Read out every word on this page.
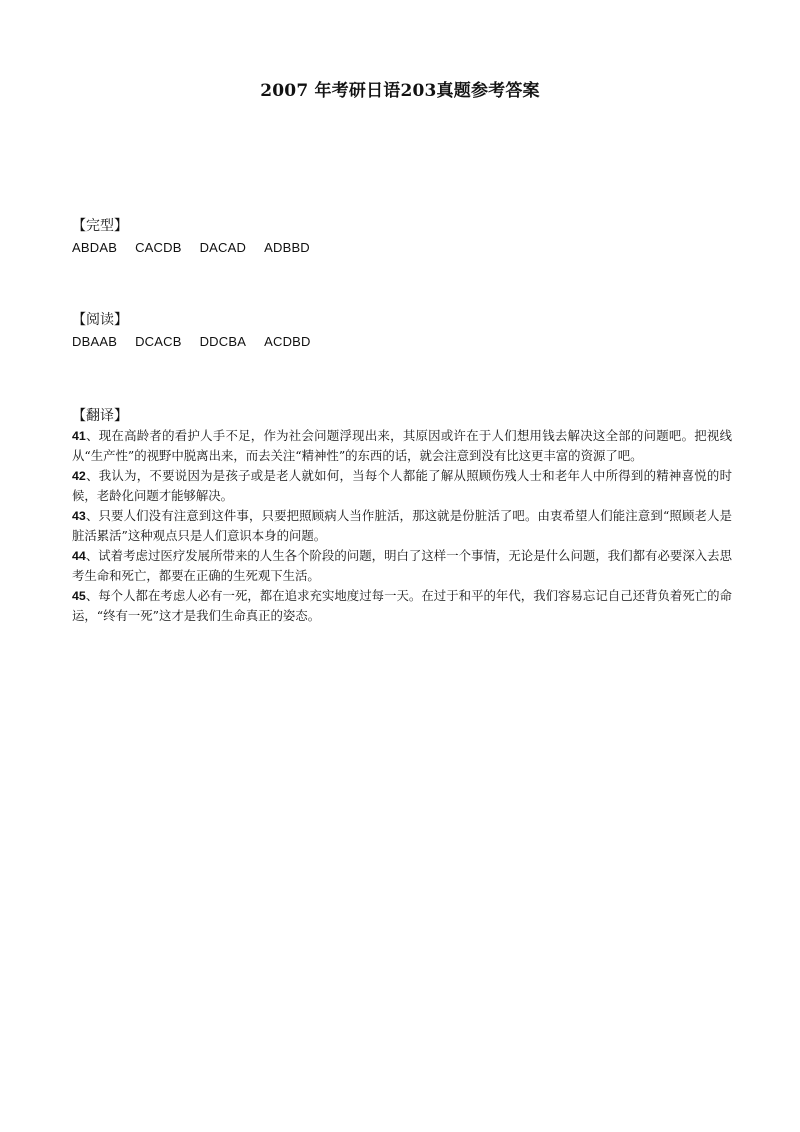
2007 年考研日语203真题参考答案
【完型】
ABDAB CACDB DACAD ADBBD
【阅读】
DBAAB DCACB DDCBA ACDBD
【翻译】

41、现在高龄者的看护人手不足，作为社会问题浮现出来，其原因或许在于人们想用钱去解决这全部的问题吧。把视线从“生产性”的视野中脱离出来，而去关注“精神性”的东西的话，就会注意到没有比这更丰富的资源了吧。

42、我认为，不要说因为是孩子或是老人就如何，当每个人都能了解从照顾伤残人士和老年人中所得到的精神喜悦的时候，老龄化问题才能够解决。

43、只要人们没有注意到这件事，只要把照顾病人当作脏活，那这就是份脏活了吧。由衷希望人们能注意到“照顾老人是脏活累活”这种观点只是人们意识本身的问题。

44、试着考虑过医疗发展所带来的人生各个阶段的问题，明白了这样一个事情，无论是什么问题，我们都有必要深入去思考生命和死亡，都要在正确的生死观下生活。

45、每个人都在考虑人必有一死，都在追求充实地度过每一天。在过于和平的年代，我们容易忘记自己还背负着死亡的命运，“终有一死”这才是我们生命真正的姿态。
